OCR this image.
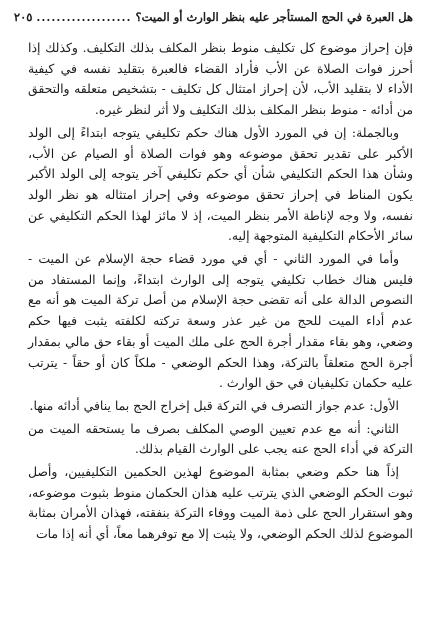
هل العبرة في الحج المستأجر عليه بنظر الوارث أو الميت؟
...................
٢٠٥

فإن إحراز موضوع كل تكليف منوط بنظر المكلف بذلك التكليف. وكذلك إذا أحرز فوات الصلاة عن الأب فأراد القضاء فالعبرة بتقليد نفسه في كيفية الأداء لا بتقليد الأب، لأن إحراز امتثال كل تكليف - بتشخيص متعلقه والتحقق من أدائه - منوط بنظر المكلف بذلك التكليف ولا أثر لنظر غيره.

وبالجملة: إن في المورد الأول هناك حكم تكليفي يتوجه ابتداءً إلى الولد الأكبر على تقدير تحقق موضوعه وهو فوات الصلاة أو الصيام عن الأب، وشأن هذا الحكم التكليفي شأن أي حكم تكليفي آخر يتوجه إلى الولد الأكبر يكون المناط في إحراز تحقق موضوعه وفي إحراز امتثاله هو نظر الولد نفسه، ولا وجه لإناطة الأمر بنظر الميت، إذ لا مائز لهذا الحكم التكليفي عن سائر الأحكام التكليفية المتوجهة إليه.

وأما في المورد الثاني - أي في مورد قضاء حجة الإسلام عن الميت - فليس هناك خطاب تكليفي يتوجه إلى الوارث ابتداءً، وإنما المستفاد من النصوص الدالة على أنه تقضى حجة الإسلام من أصل تركة الميت هو أنه مع عدم أداء الميت للحج من غير عذر وسعة تركته لكلفته يثبت فيها حكم وضعي، وهو بقاء مقدار أجرة الحج على ملك الميت أو بقاء حق مالي بمقدار أجرة الحج متعلقاً بالتركة، وهذا الحكم الوضعي - ملكاً كان أو حقاً - يترتب عليه حكمان تكليفيان في حق الوارث .

الأول: عدم جواز التصرف في التركة قبل إخراج الحج بما ينافي أدائه منها.

الثاني: أنه مع عدم تعيين الوصي المكلف بصرف ما يستحقه الميت من التركة في أداء الحج عنه يجب على الوارث القيام بذلك.

إذاً هنا حكم وضعي بمثابة الموضوع لهذين الحكمين التكليفيين، وأصل ثبوت الحكم الوضعي الذي يترتب عليه هذان الحكمان منوط بثبوت موضوعه، وهو استقرار الحج على ذمة الميت ووفاء التركة بنفقته، فهذان الأمران بمثابة الموضوع لذلك الحكم الوضعي، ولا يثبت إلا مع توفرهما معاً، أي أنه إذا مات
